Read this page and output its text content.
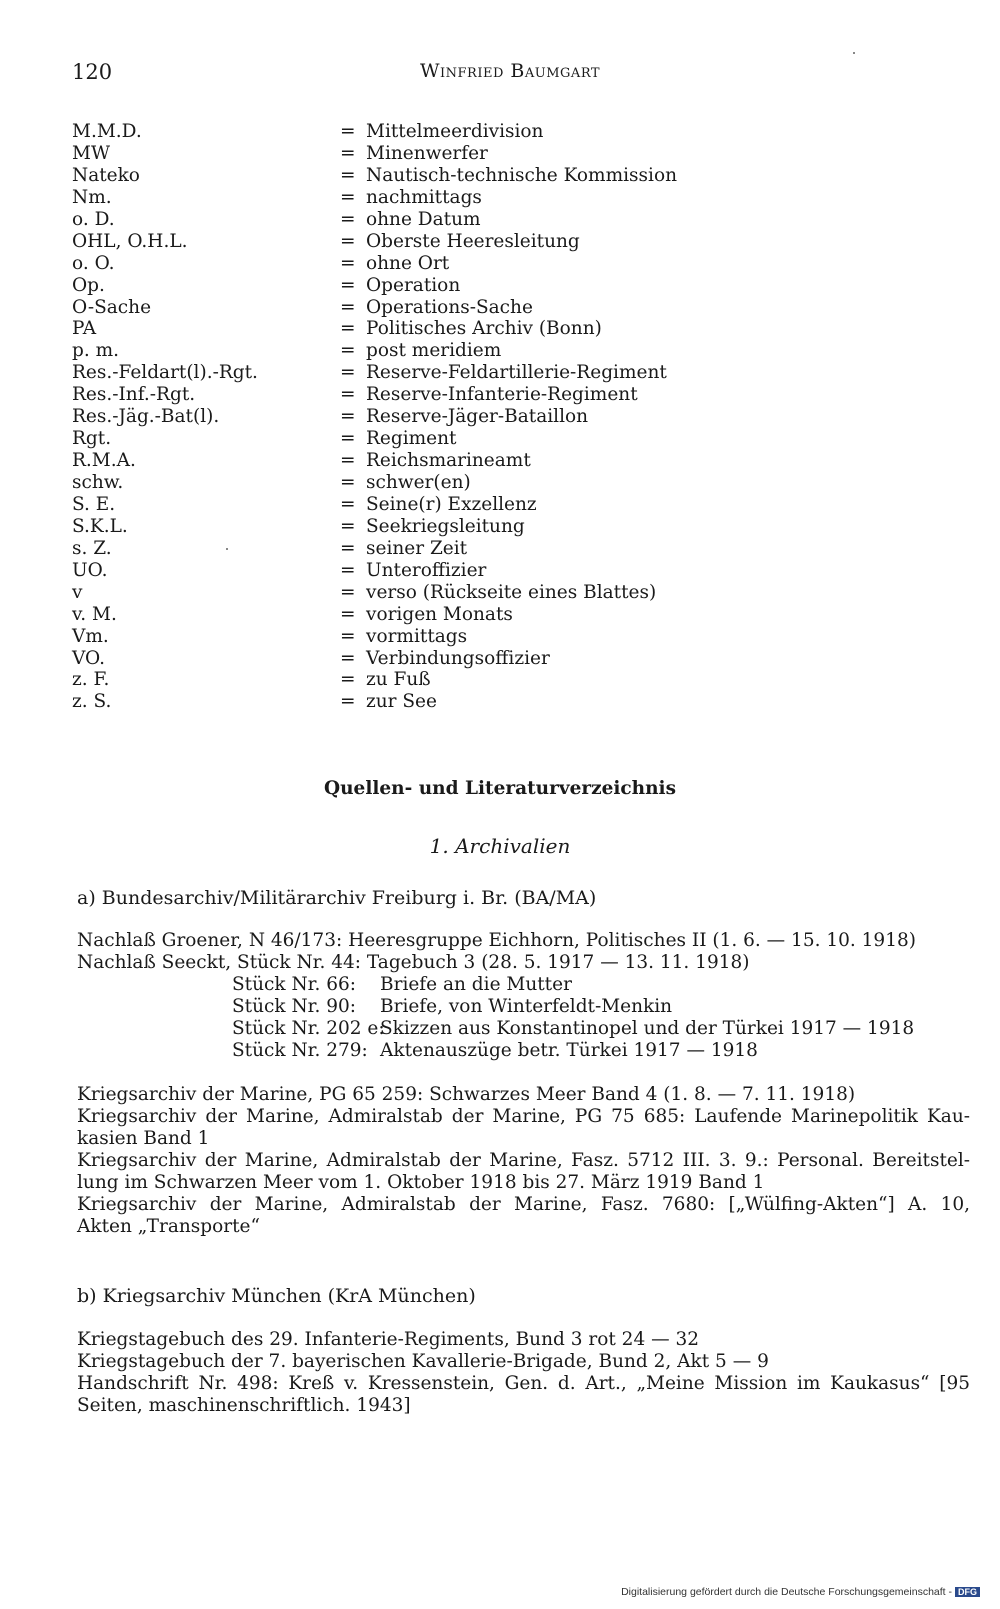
120	Winfried Baumgart
M.M.D.	= Mittelmeerdivision
MW	= Minenwerfer
Nateko	= Nautisch-technische Kommission
Nm.	= nachmittags
o. D.	= ohne Datum
OHL, O.H.L.	= Oberste Heeresleitung
o. O.	= ohne Ort
Op.	= Operation
O-Sache	= Operations-Sache
PA	= Politisches Archiv (Bonn)
p. m.	= post meridiem
Res.-Feldart(l).-Rgt.	= Reserve-Feldartillerie-Regiment
Res.-Inf.-Rgt.	= Reserve-Infanterie-Regiment
Res.-Jäg.-Bat(l).	= Reserve-Jäger-Bataillon
Rgt.	= Regiment
R.M.A.	= Reichsmarineamt
schw.	= schwer(en)
S. E.	= Seine(r) Exzellenz
S.K.L.	= Seekriegsleitung
s. Z.	= seiner Zeit
UO.	= Unteroffizier
v	= verso (Rückseite eines Blattes)
v. M.	= vorigen Monats
Vm.	= vormittags
VO.	= Verbindungsoffizier
z. F.	= zu Fuß
z. S.	= zur See
Quellen- und Literaturverzeichnis
1. Archivalien
a) Bundesarchiv/Militärarchiv Freiburg i. Br. (BA/MA)
Nachlaß Groener, N 46/173: Heeresgruppe Eichhorn, Politisches II (1. 6. — 15. 10. 1918)
Nachlaß Seeckt, Stück Nr. 44: Tagebuch 3 (28. 5. 1917 — 13. 11. 1918)
Stück Nr. 66: Briefe an die Mutter
Stück Nr. 90: Briefe, von Winterfeldt-Menkin
Stück Nr. 202 e:Skizzen aus Konstantinopel und der Türkei 1917 — 1918
Stück Nr. 279: Aktenauszüge betr. Türkei 1917 — 1918
Kriegsarchiv der Marine, PG 65 259: Schwarzes Meer Band 4 (1. 8. — 7. 11. 1918)
Kriegsarchiv der Marine, Admiralstab der Marine, PG 75 685: Laufende Marinepolitik Kau-
kasien Band 1
Kriegsarchiv der Marine, Admiralstab der Marine, Fasz. 5712 III. 3. 9.: Personal. Bereitstel-
lung im Schwarzen Meer vom 1. Oktober 1918 bis 27. März 1919 Band 1
Kriegsarchiv der Marine, Admiralstab der Marine, Fasz. 7680: [„Wülfing-Akten“] A. 10,
Akten „Transporte“
b) Kriegsarchiv München (KrA München)
Kriegstagebuch des 29. Infanterie-Regiments, Bund 3 rot 24 — 32
Kriegstagebuch der 7. bayerischen Kavallerie-Brigade, Bund 2, Akt 5 — 9
Handschrift Nr. 498: Kreß v. Kressenstein, Gen. d. Art., „Meine Mission im Kaukasus“ [95
Seiten, maschinenschriftlich. 1943]
Digitalisierung gefördert durch die Deutsche Forschungsgemeinschaft - DFG
